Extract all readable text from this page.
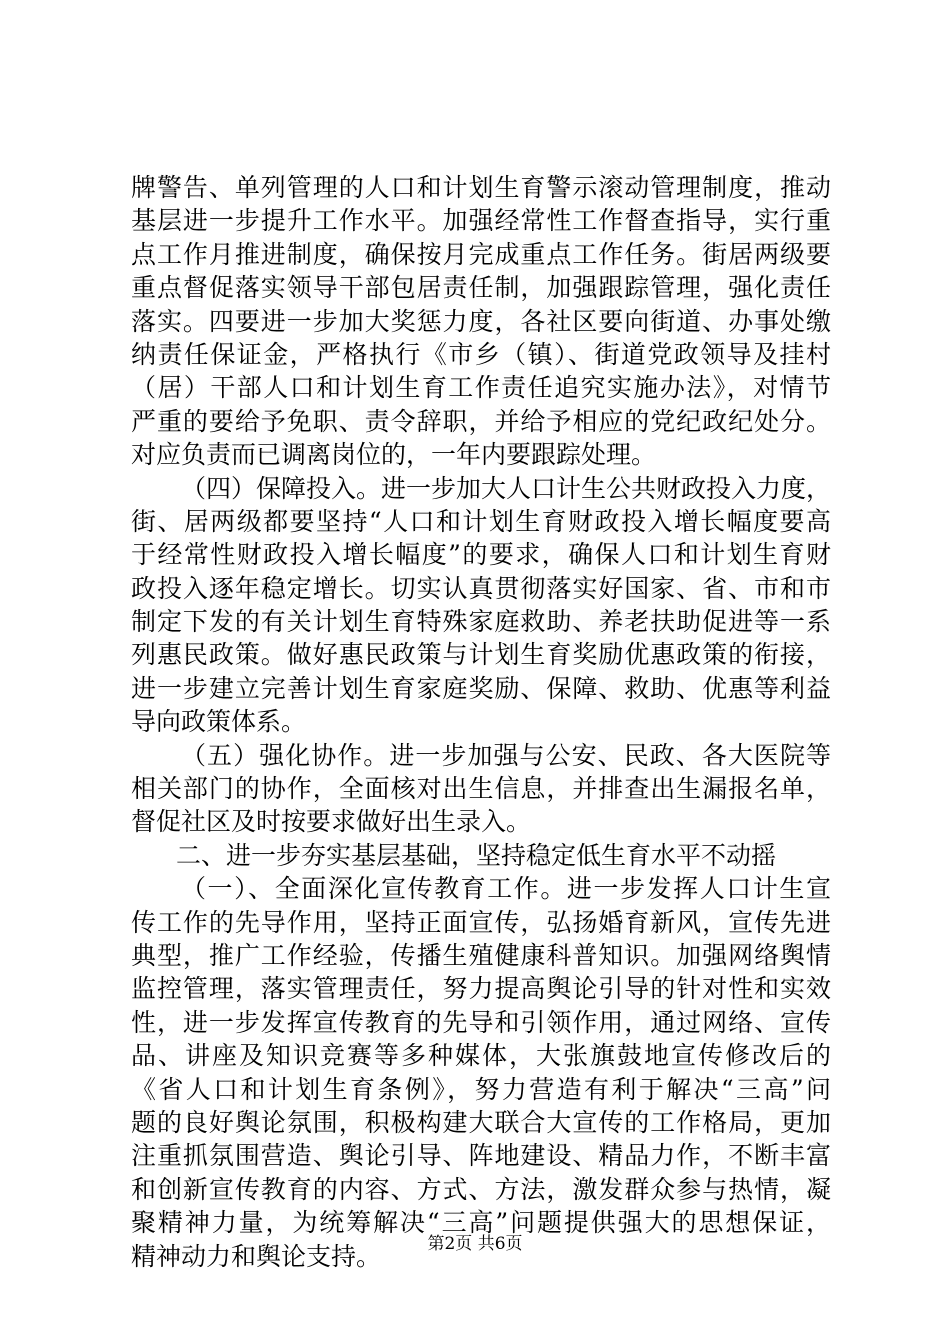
牌警告、单列管理的人口和计划生育警示滚动管理制度，推动
基层进一步提升工作水平。加强经常性工作督查指导，实行重
点工作月推进制度，确保按月完成重点工作任务。街居两级要
重点督促落实领导干部包居责任制，加强跟踪管理，强化责任
落实。四要进一步加大奖惩力度，各社区要向街道、办事处缴
纳责任保证金，严格执行《市乡（镇）、街道党政领导及挂村
（居）干部人口和计划生育工作责任追究实施办法》，对情节
严重的要给予免职、责令辞职，并给予相应的党纪政纪处分。
对应负责而已调离岗位的，一年内要跟踪处理。
（四）保障投入。进一步加大人口计生公共财政投入力度，
街、居两级都要坚持“人口和计划生育财政投入增长幅度要高
于经常性财政投入增长幅度”的要求，确保人口和计划生育财
政投入逐年稳定增长。切实认真贯彻落实好国家、省、市和市
制定下发的有关计划生育特殊家庭救助、养老扶助促进等一系
列惠民政策。做好惠民政策与计划生育奖励优惠政策的衔接，
进一步建立完善计划生育家庭奖励、保障、救助、优惠等利益
导向政策体系。
（五）强化协作。进一步加强与公安、民政、各大医院等
相关部门的协作，全面核对出生信息，并排查出生漏报名单，
督促社区及时按要求做好出生录入。
二、进一步夯实基层基础，坚持稳定低生育水平不动摇
（一）、全面深化宣传教育工作。进一步发挥人口计生宣
传工作的先导作用，坚持正面宣传，弘扬婚育新风，宣传先进
典型，推广工作经验，传播生殖健康科普知识。加强网络舆情
监控管理，落实管理责任，努力提高舆论引导的针对性和实效
性，进一步发挥宣传教育的先导和引领作用，通过网络、宣传
品、讲座及知识竞赛等多种媒体，大张旗鼓地宣传修改后的
《省人口和计划生育条例》，努力营造有利于解决“三高”问
题的良好舆论氛围，积极构建大联合大宣传的工作格局，更加
注重抓氛围营造、舆论引导、阵地建设、精品力作，不断丰富
和创新宣传教育的内容、方式、方法，激发群众参与热情，凝
聚精神力量，为统筹解决“三高”问题提供强大的思想保证，
精神动力和舆论支持。	第2页 共6页
